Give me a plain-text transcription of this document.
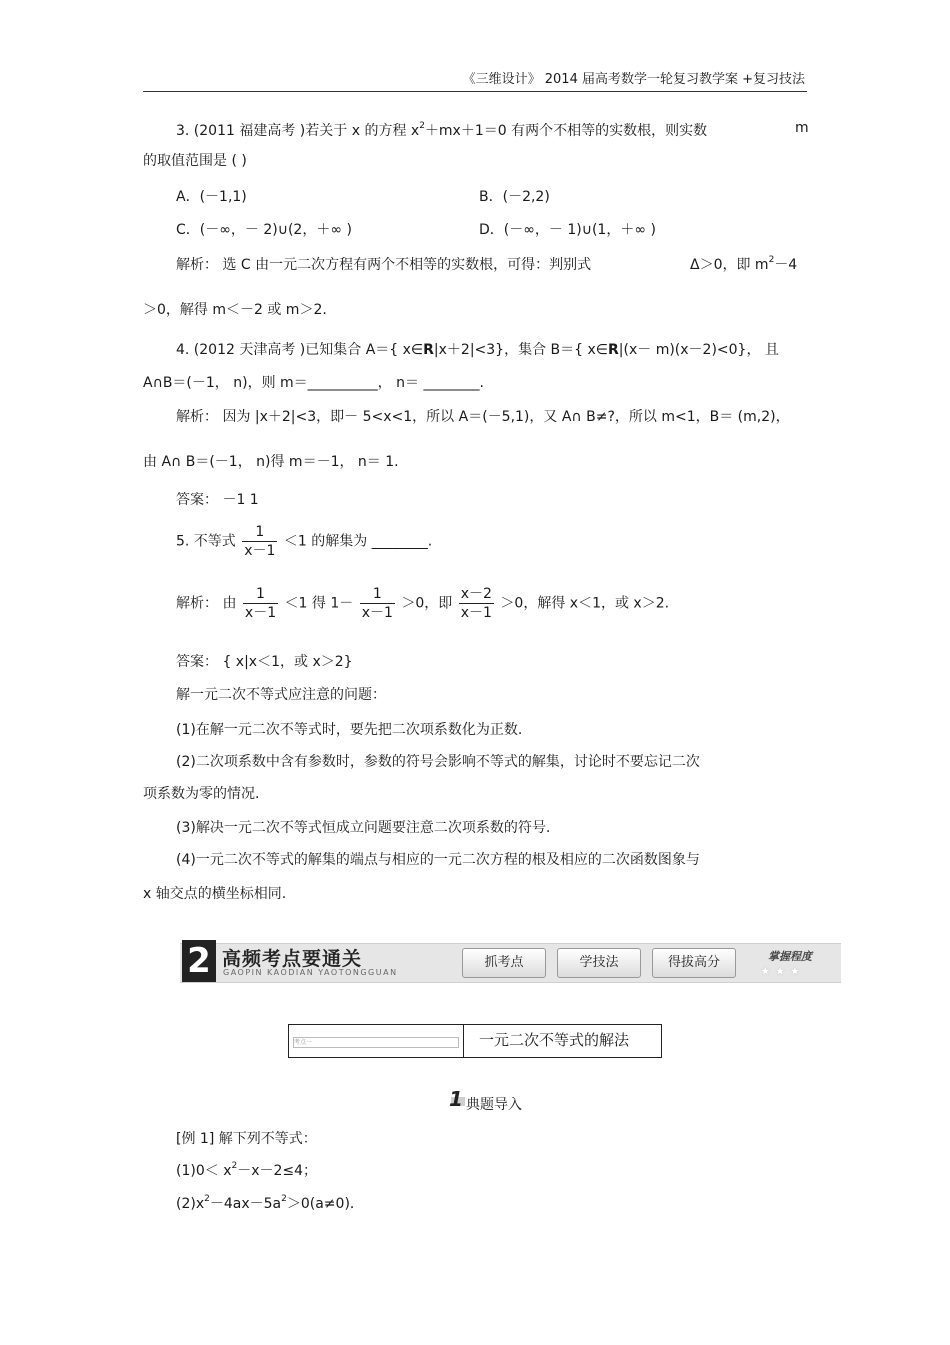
《三维设计》 2014 届高考数学一轮复习教学案 +复习技法
3. (2011 福建高考 )若关于 x 的方程 $x^2+mx+1=0$ 有两个不相等的实数根，则实数	m
的取值范围是 ( )
A．(－1,1)	B．(－2,2)
C．(－∞，－ 2)∪(2，＋∞ )	D．(－∞，－ 1)∪(1，＋∞ )
解析： 选 C 由一元二次方程有两个不相等的实数根，可得：判别式	Δ＞0，即 $m^2-4$
＞0，解得 m＜－2 或 m＞2.
4. (2012 天津高考 )已知集合 A＝{ x∈R|x＋2|<3}，集合 B＝{ x∈R|(x－ m)(x－2)<0}， 且
A∩B＝(－1， n)，则 m＝__________， n＝ ________.
解析： 因为 |x＋2|<3，即－ 5<x<1，所以 A＝(－5,1)，又 A∩ B≠?，所以 m<1，B＝ (m,2)，
由 A∩ B＝(－1， n)得 m＝－1， n＝ 1.
答案： －1 1
5. 不等式 $\frac{1}{x-1} <1$ 的解集为 ________.
解析： 由 $\frac{1}{x-1} <1$ 得 $1- \frac{1}{x-1} >0$，即 $\frac{x-2}{x-1} >0$，解得 x＜1，或 x＞2.
答案： { x|x＜1，或 x＞2}
解一元二次不等式应注意的问题：
(1)在解一元二次不等式时，要先把二次项系数化为正数.
(2)二次项系数中含有参数时，参数的符号会影响不等式的解集，讨论时不要忘记二次
项系数为零的情况.
(3)解决一元二次不等式恒成立问题要注意二次项系数的符号.
(4)一元二次不等式的解集的端点与相应的一元二次方程的根及相应的二次函数图象与
x 轴交点的横坐标相同.
2 高频考点要通关
GAOPIN KAODIAN YAOTONGGUAN
抓考点	学技法	得拔高分	掌握程度
★★★
考点一	一元二次不等式的解法
1 典题导入
[例 1] 解下列不等式：
$(1)0< x^2-x-2\le 4$；
$(2)x^2-4ax-5a^2>0(a\ne 0)$．
